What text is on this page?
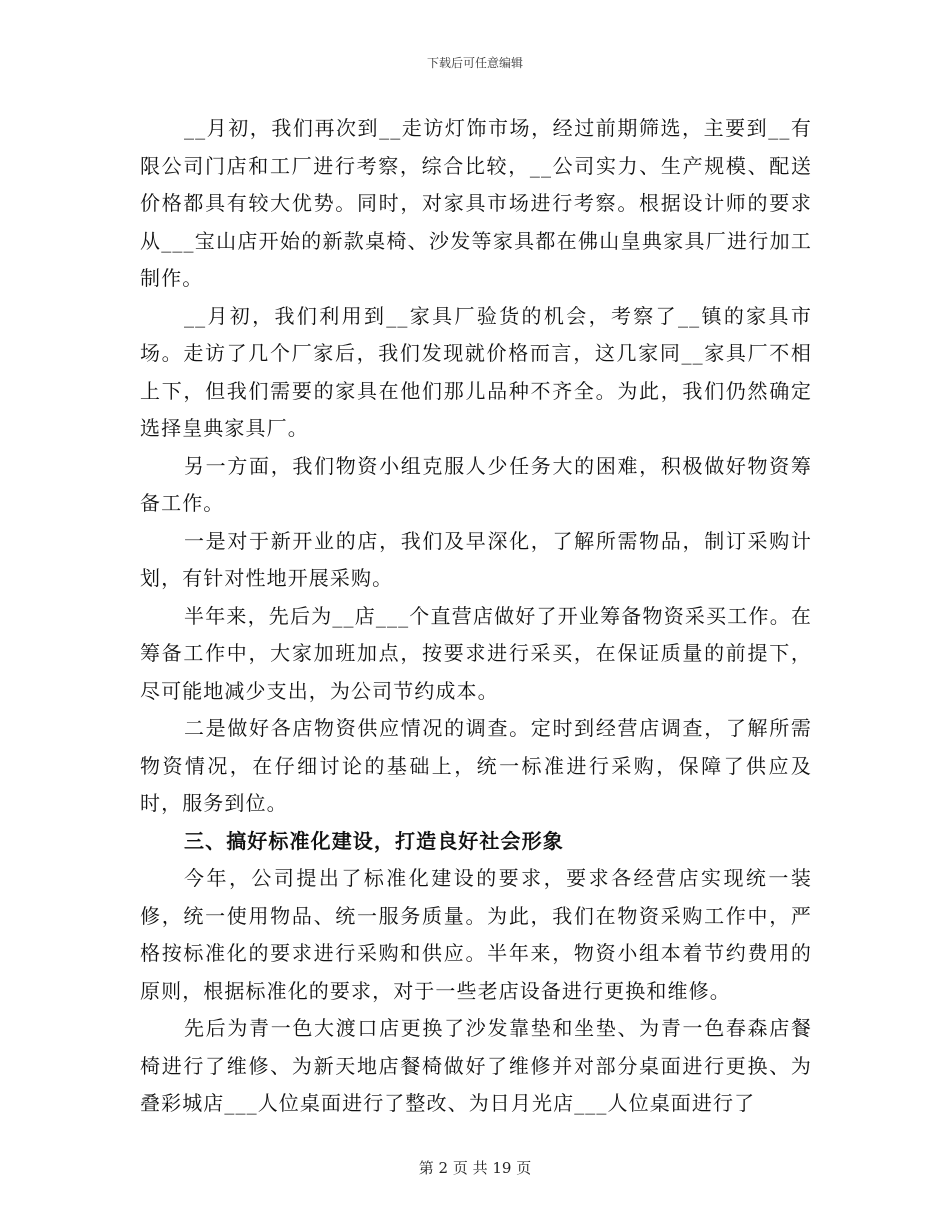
下载后可任意编辑

__月初，我们再次到__走访灯饰市场，经过前期筛选，主要到__有限公司门店和工厂进行考察，综合比较，__公司实力、生产规模、配送价格都具有较大优势。同时，对家具市场进行考察。根据设计师的要求从___宝山店开始的新款桌椅、沙发等家具都在佛山皇典家具厂进行加工制作。

__月初，我们利用到__家具厂验货的机会，考察了__镇的家具市场。走访了几个厂家后，我们发现就价格而言，这几家同__家具厂不相上下，但我们需要的家具在他们那儿品种不齐全。为此，我们仍然确定选择皇典家具厂。

另一方面，我们物资小组克服人少任务大的困难，积极做好物资筹备工作。

一是对于新开业的店，我们及早深化，了解所需物品，制订采购计划，有针对性地开展采购。

半年来，先后为__店___个直营店做好了开业筹备物资采买工作。在筹备工作中，大家加班加点，按要求进行采买，在保证质量的前提下，尽可能地减少支出，为公司节约成本。

二是做好各店物资供应情况的调查。定时到经营店调查，了解所需物资情况，在仔细讨论的基础上，统一标准进行采购，保障了供应及时，服务到位。

三、搞好标准化建设，打造良好社会形象

今年，公司提出了标准化建设的要求，要求各经营店实现统一装修，统一使用物品、统一服务质量。为此，我们在物资采购工作中，严格按标准化的要求进行采购和供应。半年来，物资小组本着节约费用的原则，根据标准化的要求，对于一些老店设备进行更换和维修。

先后为青一色大渡口店更换了沙发靠垫和坐垫、为青一色春森店餐椅进行了维修、为新天地店餐椅做好了维修并对部分桌面进行更换、为叠彩城店___人位桌面进行了整改、为日月光店___人位桌面进行了

第 2 页 共 19 页
